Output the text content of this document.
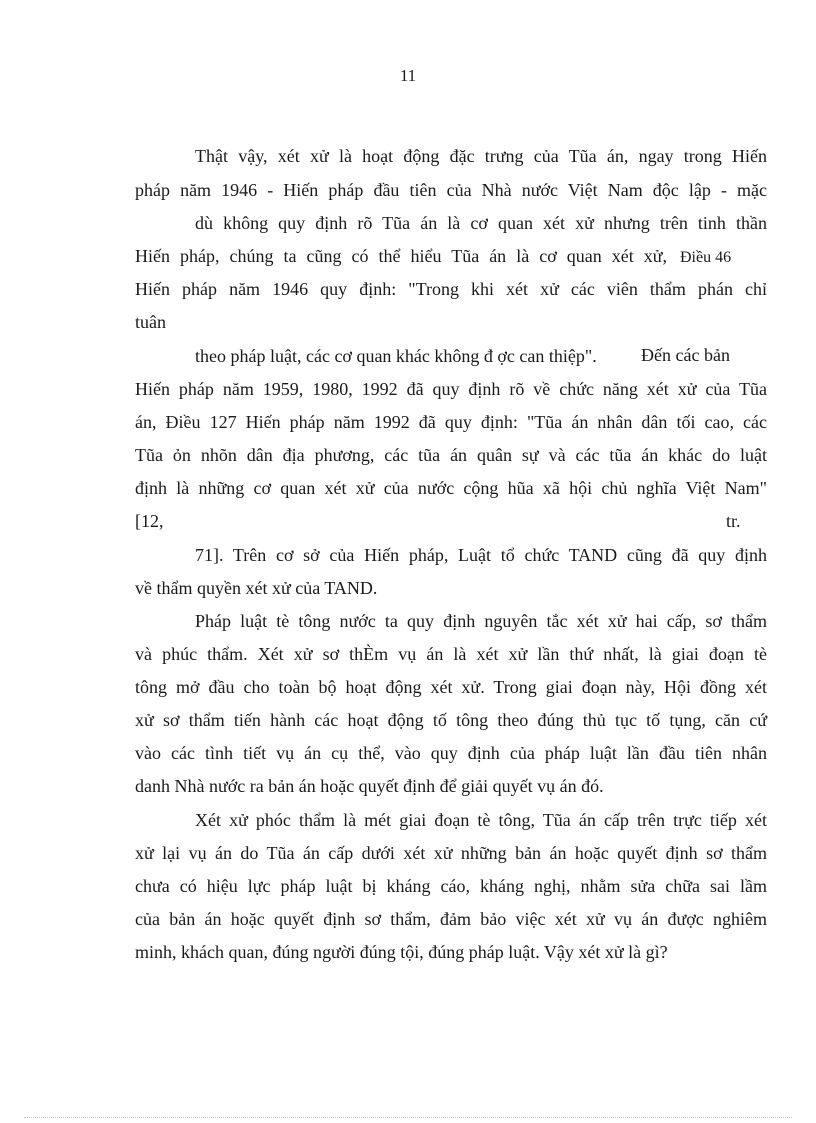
11
Thật vậy, xét xử là hoạt động đặc trưng của Tũa án, ngay trong Hiến
pháp năm 1946 - Hiến pháp đầu tiên của Nhà nước Việt Nam độc lập - mặc
dù không quy định rõ Tũa án là cơ quan xét xử nhưng trên tinh thần
Hiến pháp, chúng ta cũng có thể hiểu Tũa án là cơ quan xét xử, Điều 46
Hiến pháp năm 1946 quy định: "Trong khi xét xử các viên thẩm phán chỉ
tuân
theo pháp luật, các cơ quan khác không đ ợc can thiệp". Đến các bản
Hiến pháp năm 1959, 1980, 1992 đã quy định rõ về chức năng xét xử của Tũa
án, Điều 127 Hiến pháp năm 1992 đã quy định: "Tũa án nhân dân tối cao, các
Tũa ỏn nhõn dân địa phương, các tũa án quân sự và các tũa án khác do luật
định là những cơ quan xét xử của nước cộng hũa xã hội chủ nghĩa Việt Nam"
[12,	tr.
71]. Trên cơ sở của Hiến pháp, Luật tổ chức TAND cũng đã quy định
về thẩm quyền xét xử của TAND.
Pháp luật tè tông nước ta quy định nguyên tắc xét xử hai cấp, sơ thẩm
và phúc thẩm. Xét xử sơ thÈm vụ án là xét xử lần thứ nhất, là giai đoạn tè
tông mở đầu cho toàn bộ hoạt động xét xử. Trong giai đoạn này, Hội đồng xét
xử sơ thẩm tiến hành các hoạt động tố tông theo đúng thủ tục tố tụng, căn cứ
vào các tình tiết vụ án cụ thể, vào quy định của pháp luật lần đầu tiên nhân
danh Nhà nước ra bản án hoặc quyết định để giải quyết vụ án đó.
Xét xử phóc thẩm là mét giai đoạn tè tông, Tũa án cấp trên trực tiếp xét
xử lại vụ án do Tũa án cấp dưới xét xử những bản án hoặc quyết định sơ thẩm
chưa có hiệu lực pháp luật bị kháng cáo, kháng nghị, nhằm sửa chữa sai lầm
của bản án hoặc quyết định sơ thẩm, đảm bảo việc xét xử vụ án được nghiêm
minh, khách quan, đúng người đúng tội, đúng pháp luật. Vậy xét xử là gì?
